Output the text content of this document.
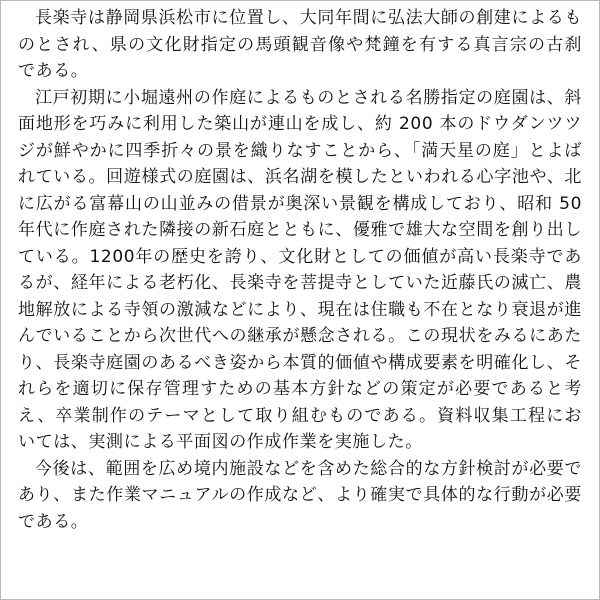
長楽寺は静岡県浜松市に位置し、大同年間に弘法大師の創建によるものとされ、県の文化財指定の馬頭観音像や梵鐘を有する真言宗の古刹である。

江戸初期に小堀遠州の作庭によるものとされる名勝指定の庭園は、斜面地形を巧みに利用した築山が連山を成し、約 200 本のドウダンツツジが鮮やかに四季折々の景を織りなすことから、「満天星の庭」とよばれている。回遊様式の庭園は、浜名湖を模したといわれる心字池や、北に広がる富幕山の山並みの借景が奥深い景観を構成しており、昭和 50 年代に作庭された隣接の新石庭とともに、優雅で雄大な空間を創り出している。1200年の歴史を誇り、文化財としての価値が高い長楽寺であるが、経年による老朽化、長楽寺を菩提寺としていた近藤氏の滅亡、農地解放による寺領の激減などにより、現在は住職も不在となり衰退が進んでいることから次世代への継承が懸念される。この現状をみるにあたり、長楽寺庭園のあるべき姿から本質的価値や構成要素を明確化し、それらを適切に保存管理すための基本方針などの策定が必要であると考え、卒業制作のテーマとして取り組むものである。資料収集工程においては、実測による平面図の作成作業を実施した。

今後は、範囲を広め境内施設などを含めた総合的な方針検討が必要であり、また作業マニュアルの作成など、より確実で具体的な行動が必要である。
